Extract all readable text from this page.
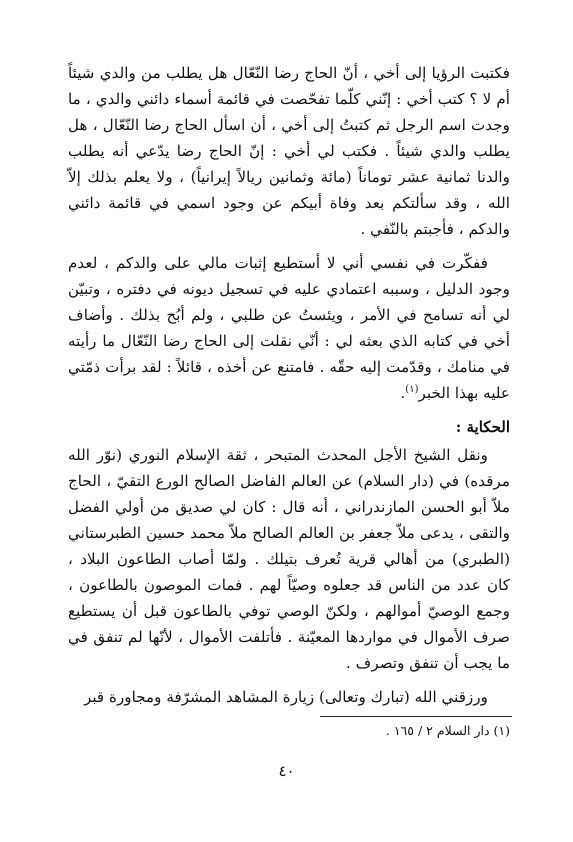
فكتبت الرؤيا إلى أخي ، أنّ الحاج رضا النّعّال هل يطلب من والدي شيئاً أم لا ؟ كتب أخي : إنّني كلّما تفحّصت في قائمة أسماء دائني والدي ، ما وجدت اسم الرجل ثم كتبتُ إلى أخي ، أن اسأل الحاج رضا النّعّال ، هل يطلب والدي شيئاً . فكتب لي أخي : إنّ الحاج رضا يدّعي أنه يطلب والدنا ثمانية عشر توماناً (مائة وثمانين ريالاً إيرانياً) ، ولا يعلم بذلك إلاّ الله ، وقد سألتكم بعد وفاة أبيكم عن وجود اسمي في قائمة دائني والدكم ، فأجبتم بالنّفي .

ففكّرت في نفسي أني لا أستطيع إثبات مالي على والدكم ، لعدم وجود الدليل ، وسببه اعتمادي عليه في تسجيل ديونه في دفتره ، وتبيّن لي أنه تسامح في الأمر ، ويئستُ عن طلبي ، ولم أبُح بذلك . وأضاف أخي في كتابه الذي بعثه لي : أنّي نقلت إلى الحاج رضا النّعّال ما رأيته في منامك ، وقدّمت إليه حقّه . فامتنع عن أخذه ، قائلاً : لقد برأت ذمّتي عليه بهذا الخبر$^{(١)}$.

الحكاية :

ونقل الشيخ الأجل المحدث المتبحر ، ثقة الإسلام النوري (نوّر الله مرقده) في (دار السلام) عن العالم الفاضل الصالح الورع التقيّ ، الحاج ملاّ أبو الحسن المازندراني ، أنه قال : كان لي صديق من أولي الفضل والتقى ، يدعى ملاّ جعفر بن العالم الصالح ملاّ محمد حسين الطبرستاني (الطبري) من أهالي قرية تُعرف بتيلك . ولمّا أصاب الطاعون البلاد ، كان عدد من الناس قد جعلوه وصيّاً لهم . فمات الموصون بالطاعون ، وجمع الوصيّ أموالهم ، ولكنّ الوصي توفي بالطاعون قبل أن يستطيع صرف الأموال في مواردها المعيّنة . فأتلفت الأموال ، لأنّها لم تنفق في ما يجب أن تنفق وتصرف .

ورزقني الله (تبارك وتعالى) زيارة المشاهد المشرّفة ومجاورة قبر

(١) دار السلام ٢ / ١٦٥ .
٤٠
